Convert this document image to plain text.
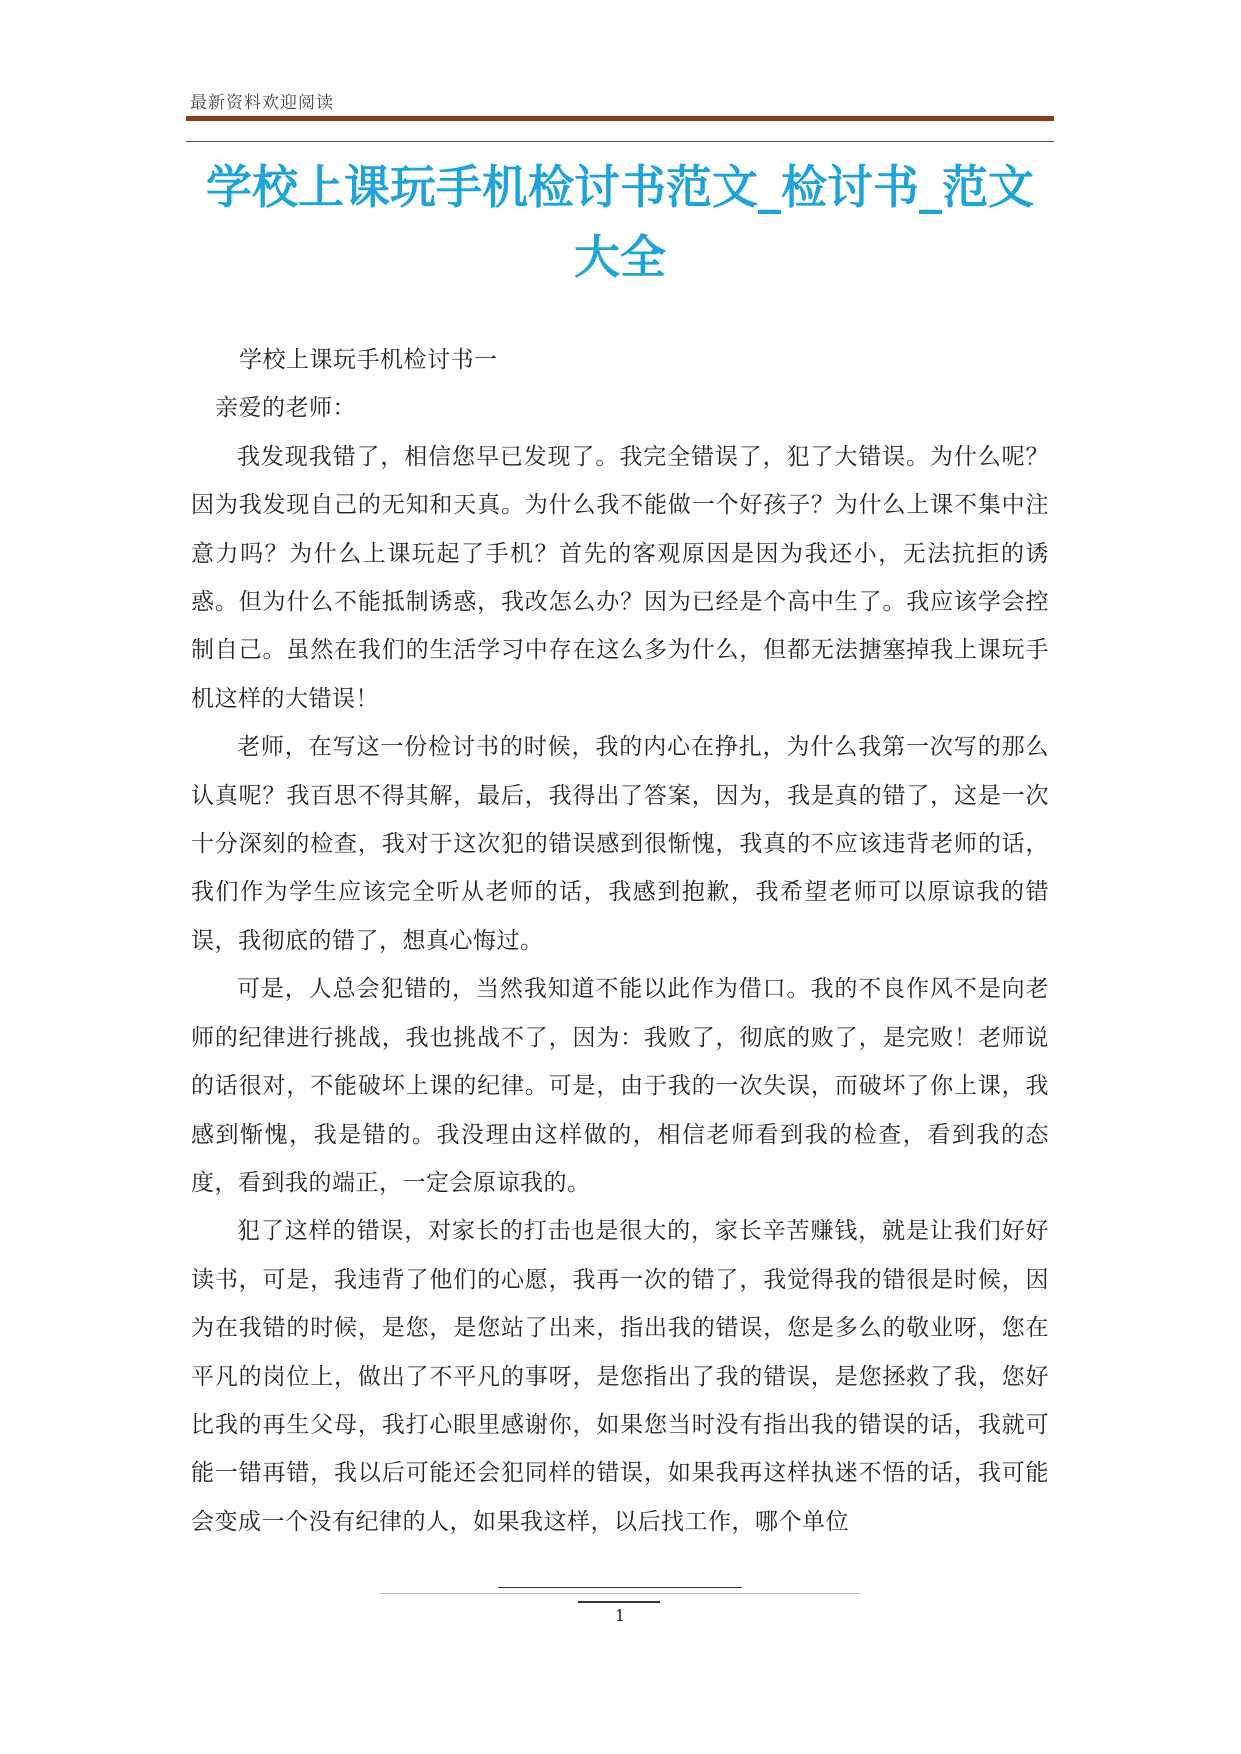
最新资料欢迎阅读
学校上课玩手机检讨书范文_检讨书_范文大全

学校上课玩手机检讨书一

亲爱的老师：

我发现我错了，相信您早已发现了。我完全错误了，犯了大错误。为什么呢？因为我发现自己的无知和天真。为什么我不能做一个好孩子？为什么上课不集中注意力吗？为什么上课玩起了手机？首先的客观原因是因为我还小，无法抗拒的诱惑。但为什么不能抵制诱惑，我改怎么办？因为已经是个高中生了。我应该学会控制自己。虽然在我们的生活学习中存在这么多为什么，但都无法搪塞掉我上课玩手机这样的大错误！

老师，在写这一份检讨书的时候，我的内心在挣扎，为什么我第一次写的那么认真呢？我百思不得其解，最后，我得出了答案，因为，我是真的错了，这是一次十分深刻的检查，我对于这次犯的错误感到很惭愧，我真的不应该违背老师的话，我们作为学生应该完全听从老师的话，我感到抱歉，我希望老师可以原谅我的错误，我彻底的错了，想真心悔过。

可是，人总会犯错的，当然我知道不能以此作为借口。我的不良作风不是向老师的纪律进行挑战，我也挑战不了，因为：我败了，彻底的败了，是完败！老师说的话很对，不能破坏上课的纪律。可是，由于我的一次失误，而破坏了你上课，我感到惭愧，我是错的。我没理由这样做的，相信老师看到我的检查，看到我的态度，看到我的端正，一定会原谅我的。

犯了这样的错误，对家长的打击也是很大的，家长辛苦赚钱，就是让我们好好读书，可是，我违背了他们的心愿，我再一次的错了，我觉得我的错很是时候，因为在我错的时候，是您，是您站了出来，指出我的错误，您是多么的敬业呀，您在平凡的岗位上，做出了不平凡的事呀，是您指出了我的错误，是您拯救了我，您好比我的再生父母，我打心眼里感谢你，如果您当时没有指出我的错误的话，我就可能一错再错，我以后可能还会犯同样的错误，如果我再这样执迷不悟的话，我可能会变成一个没有纪律的人，如果我这样，以后找工作，哪个单位

1
